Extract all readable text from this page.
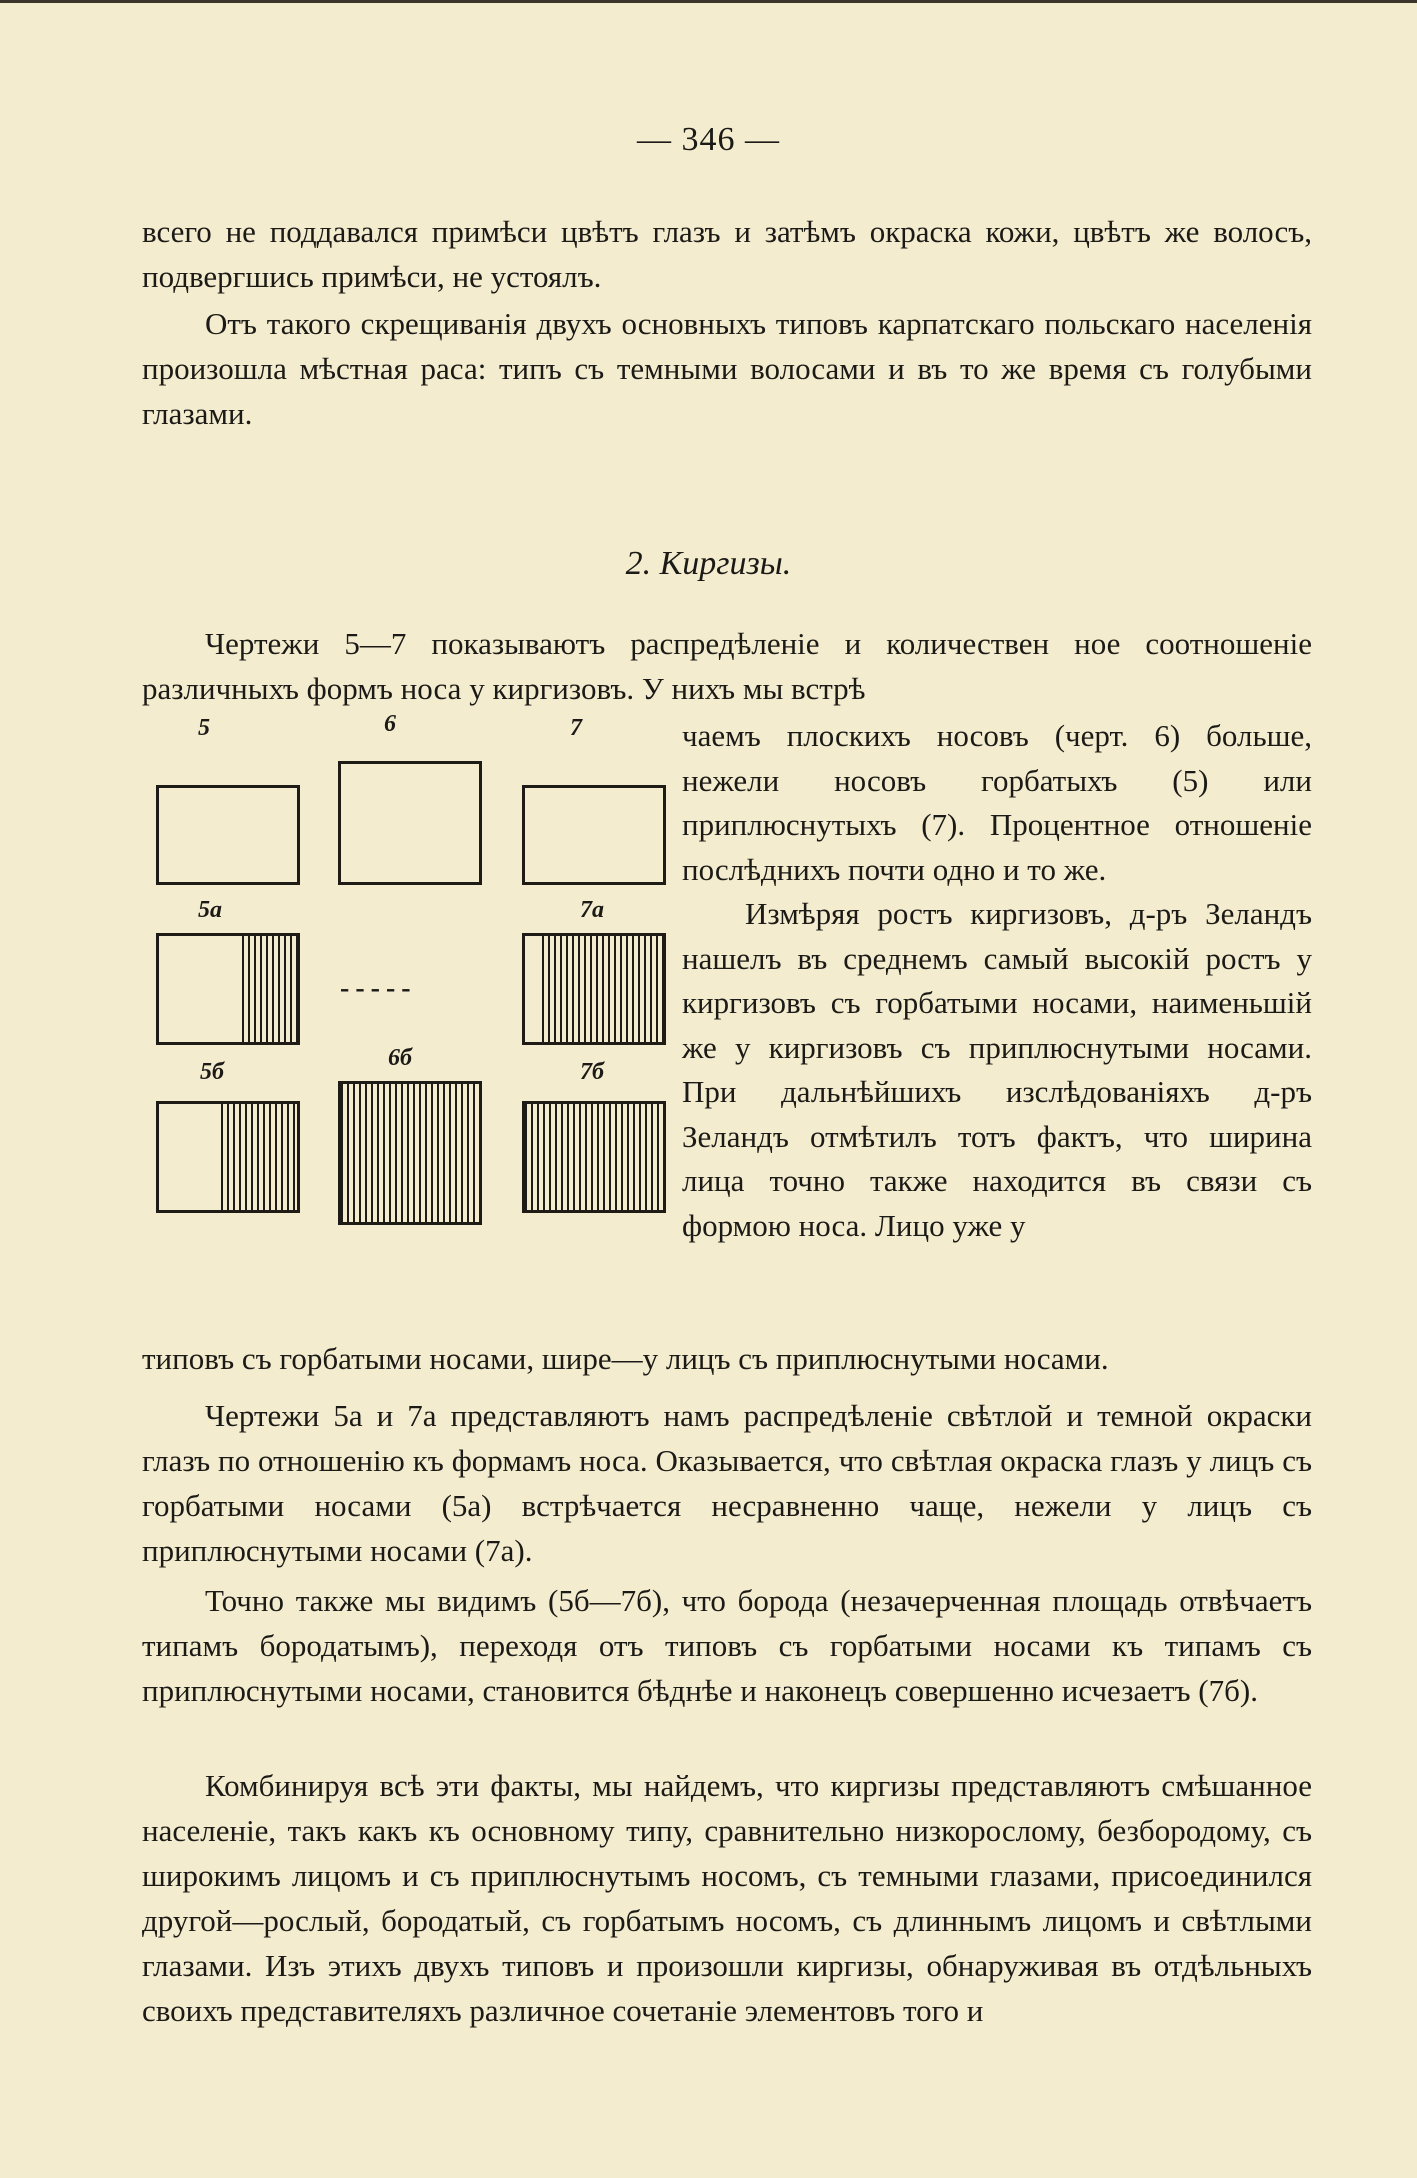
— 346 —

всего не поддавался примѣси цвѣтъ глазъ и затѣмъ окраска кожи, цвѣтъ же волосъ, подвергшись примѣси, не устоялъ.

Отъ такого скрещиванія двухъ основныхъ типовъ карпатскаго польскаго населенія произошла мѣстная раса: типъ съ темными волосами и въ то же время съ голубыми глазами.

2. Киргизы.

Чертежи 5—7 показываютъ распредѣленіе и количествен ное соотношеніе различныхъ формъ носа у киргизовъ. У нихъ мы встрѣ

5	6	7
5а	7а
-----
5б
6б
7б

чаемъ плоскихъ носовъ (черт. 6) больше, нежели носовъ горбатыхъ (5) или приплюснутыхъ (7). Процентное отношеніе послѣднихъ почти одно и то же.

Измѣряя ростъ киргизовъ, д-ръ Зеландъ нашелъ въ среднемъ самый высокій ростъ у киргизовъ съ горбатыми носами, наименьшій же у киргизовъ съ приплюснутыми носами. При дальнѣйшихъ изслѣдованіяхъ д-ръ Зеландъ отмѣтилъ тотъ фактъ, что ширина лица точно также находится въ связи съ формою носа. Лицо уже у

типовъ съ горбатыми носами, шире—у лицъ съ приплюснутыми носами.

Чертежи 5а и 7а представляютъ намъ распредѣленіе свѣтлой и темной окраски глазъ по отношенію къ формамъ носа. Оказывается, что свѣтлая окраска глазъ у лицъ съ горбатыми носами (5а) встрѣчается несравненно чаще, нежели у лицъ съ приплюснутыми носами (7а).

Точно также мы видимъ (5б—7б), что борода (незачерченная площадь отвѣчаетъ типамъ бородатымъ), переходя отъ типовъ съ горбатыми носами къ типамъ съ приплюснутыми носами, становится бѣднѣе и наконецъ совершенно исчезаетъ (7б).

Комбинируя всѣ эти факты, мы найдемъ, что киргизы представляютъ смѣшанное населеніе, такъ какъ къ основному типу, сравнительно низкорослому, безбородому, съ широкимъ лицомъ и съ приплюснутымъ носомъ, съ темными глазами, присоединился другой—рослый, бородатый, съ горбатымъ носомъ, съ длиннымъ лицомъ и свѣтлыми глазами. Изъ этихъ двухъ типовъ и произошли киргизы, обнаруживая въ отдѣльныхъ своихъ представителяхъ различное сочетаніе элементовъ того и
